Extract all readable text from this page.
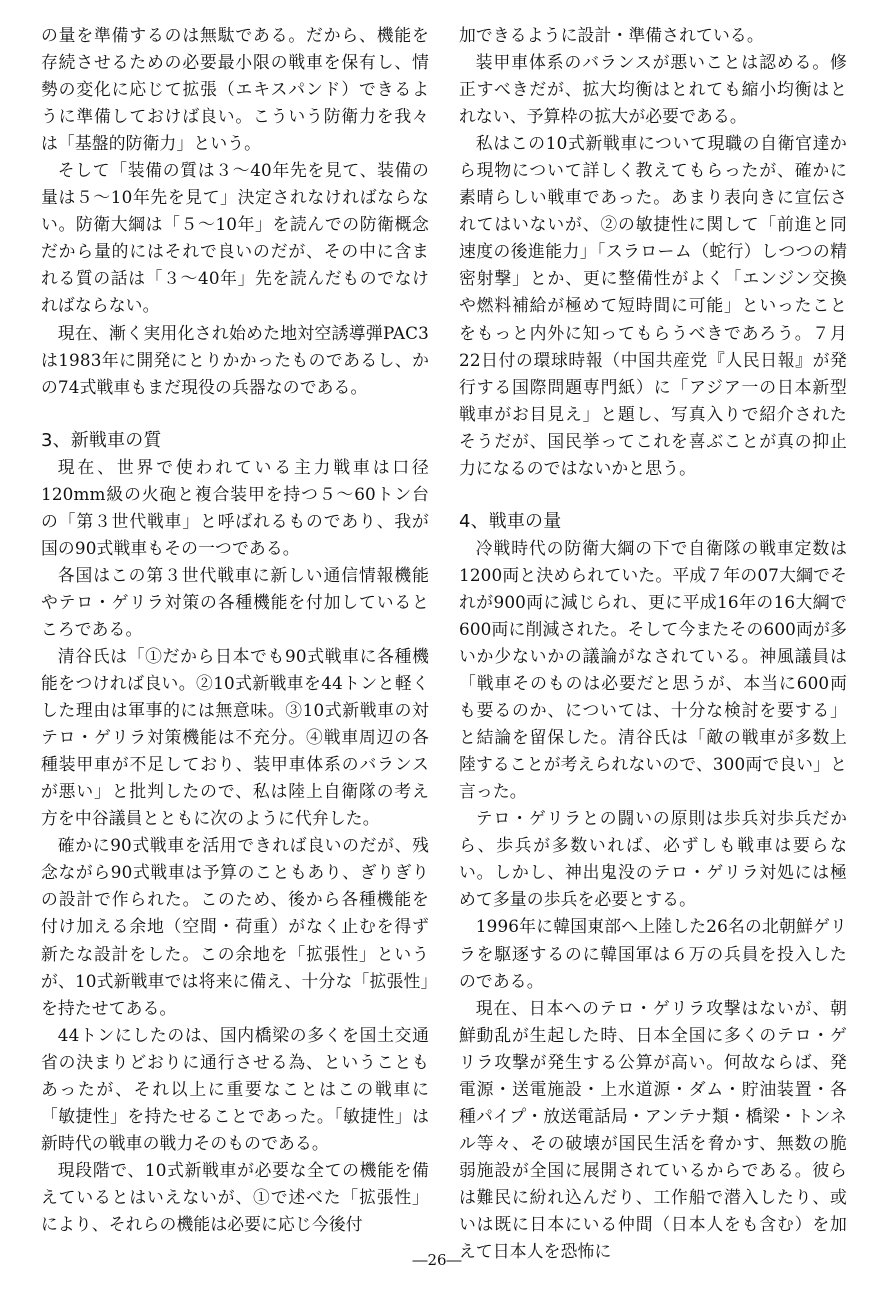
の量を準備するのは無駄である。だから、機能を存続させるための必要最小限の戦車を保有し、情勢の変化に応じて拡張（エキスパンド）できるように準備しておけば良い。こういう防衛力を我々は「基盤的防衛力」という。

そして「装備の質は３～40年先を見て、装備の量は５～10年先を見て」決定されなければならない。防衛大綱は「５～10年」を読んでの防衛概念だから量的にはそれで良いのだが、その中に含まれる質の話は「３～40年」先を読んだものでなければならない。

現在、漸く実用化され始めた地対空誘導弾PAC3は1983年に開発にとりかかったものであるし、かの74式戦車もまだ現役の兵器なのである。

3、新戦車の質

現在、世界で使われている主力戦車は口径120mm級の火砲と複合装甲を持つ５～60トン台の「第３世代戦車」と呼ばれるものであり、我が国の90式戦車もその一つである。

各国はこの第３世代戦車に新しい通信情報機能やテロ・ゲリラ対策の各種機能を付加しているところである。

清谷氏は「①だから日本でも90式戦車に各種機能をつければ良い。②10式新戦車を44トンと軽くした理由は軍事的には無意味。③10式新戦車の対テロ・ゲリラ対策機能は不充分。④戦車周辺の各種装甲車が不足しており、装甲車体系のバランスが悪い」と批判したので、私は陸上自衛隊の考え方を中谷議員とともに次のように代弁した。

確かに90式戦車を活用できれば良いのだが、残念ながら90式戦車は予算のこともあり、ぎりぎりの設計で作られた。このため、後から各種機能を付け加える余地（空間・荷重）がなく止むを得ず新たな設計をした。この余地を「拡張性」というが、10式新戦車では将来に備え、十分な「拡張性」を持たせてある。

44トンにしたのは、国内橋梁の多くを国土交通省の決まりどおりに通行させる為、ということもあったが、それ以上に重要なことはこの戦車に「敏捷性」を持たせることであった。「敏捷性」は新時代の戦車の戦力そのものである。

現段階で、10式新戦車が必要な全ての機能を備えているとはいえないが、①で述べた「拡張性」により、それらの機能は必要に応じ今後付

加できるように設計・準備されている。

装甲車体系のバランスが悪いことは認める。修正すべきだが、拡大均衡はとれても縮小均衡はとれない、予算枠の拡大が必要である。

私はこの10式新戦車について現職の自衛官達から現物について詳しく教えてもらったが、確かに素晴らしい戦車であった。あまり表向きに宣伝されてはいないが、②の敏捷性に関して「前進と同速度の後進能力」「スラローム（蛇行）しつつの精密射撃」とか、更に整備性がよく「エンジン交換や燃料補給が極めて短時間に可能」といったことをもっと内外に知ってもらうべきであろう。７月22日付の環球時報（中国共産党『人民日報』が発行する国際問題専門紙）に「アジア一の日本新型戦車がお目見え」と題し、写真入りで紹介されたそうだが、国民挙ってこれを喜ぶことが真の抑止力になるのではないかと思う。

4、戦車の量

冷戦時代の防衛大綱の下で自衛隊の戦車定数は1200両と決められていた。平成７年の07大綱でそれが900両に減じられ、更に平成16年の16大綱で600両に削減された。そして今またその600両が多いか少ないかの議論がなされている。神風議員は「戦車そのものは必要だと思うが、本当に600両も要るのか、については、十分な検討を要する」と結論を留保した。清谷氏は「敵の戦車が多数上陸することが考えられないので、300両で良い」と言った。

テロ・ゲリラとの闘いの原則は歩兵対歩兵だから、歩兵が多数いれば、必ずしも戦車は要らない。しかし、神出鬼没のテロ・ゲリラ対処には極めて多量の歩兵を必要とする。

1996年に韓国東部へ上陸した26名の北朝鮮ゲリラを駆逐するのに韓国軍は６万の兵員を投入したのである。

現在、日本へのテロ・ゲリラ攻撃はないが、朝鮮動乱が生起した時、日本全国に多くのテロ・ゲリラ攻撃が発生する公算が高い。何故ならば、発電源・送電施設・上水道源・ダム・貯油装置・各種パイプ・放送電話局・アンテナ類・橋梁・トンネル等々、その破壊が国民生活を脅かす、無数の脆弱施設が全国に展開されているからである。彼らは難民に紛れ込んだり、工作船で潜入したり、或いは既に日本にいる仲間（日本人をも含む）を加えて日本人を恐怖に

―26―
